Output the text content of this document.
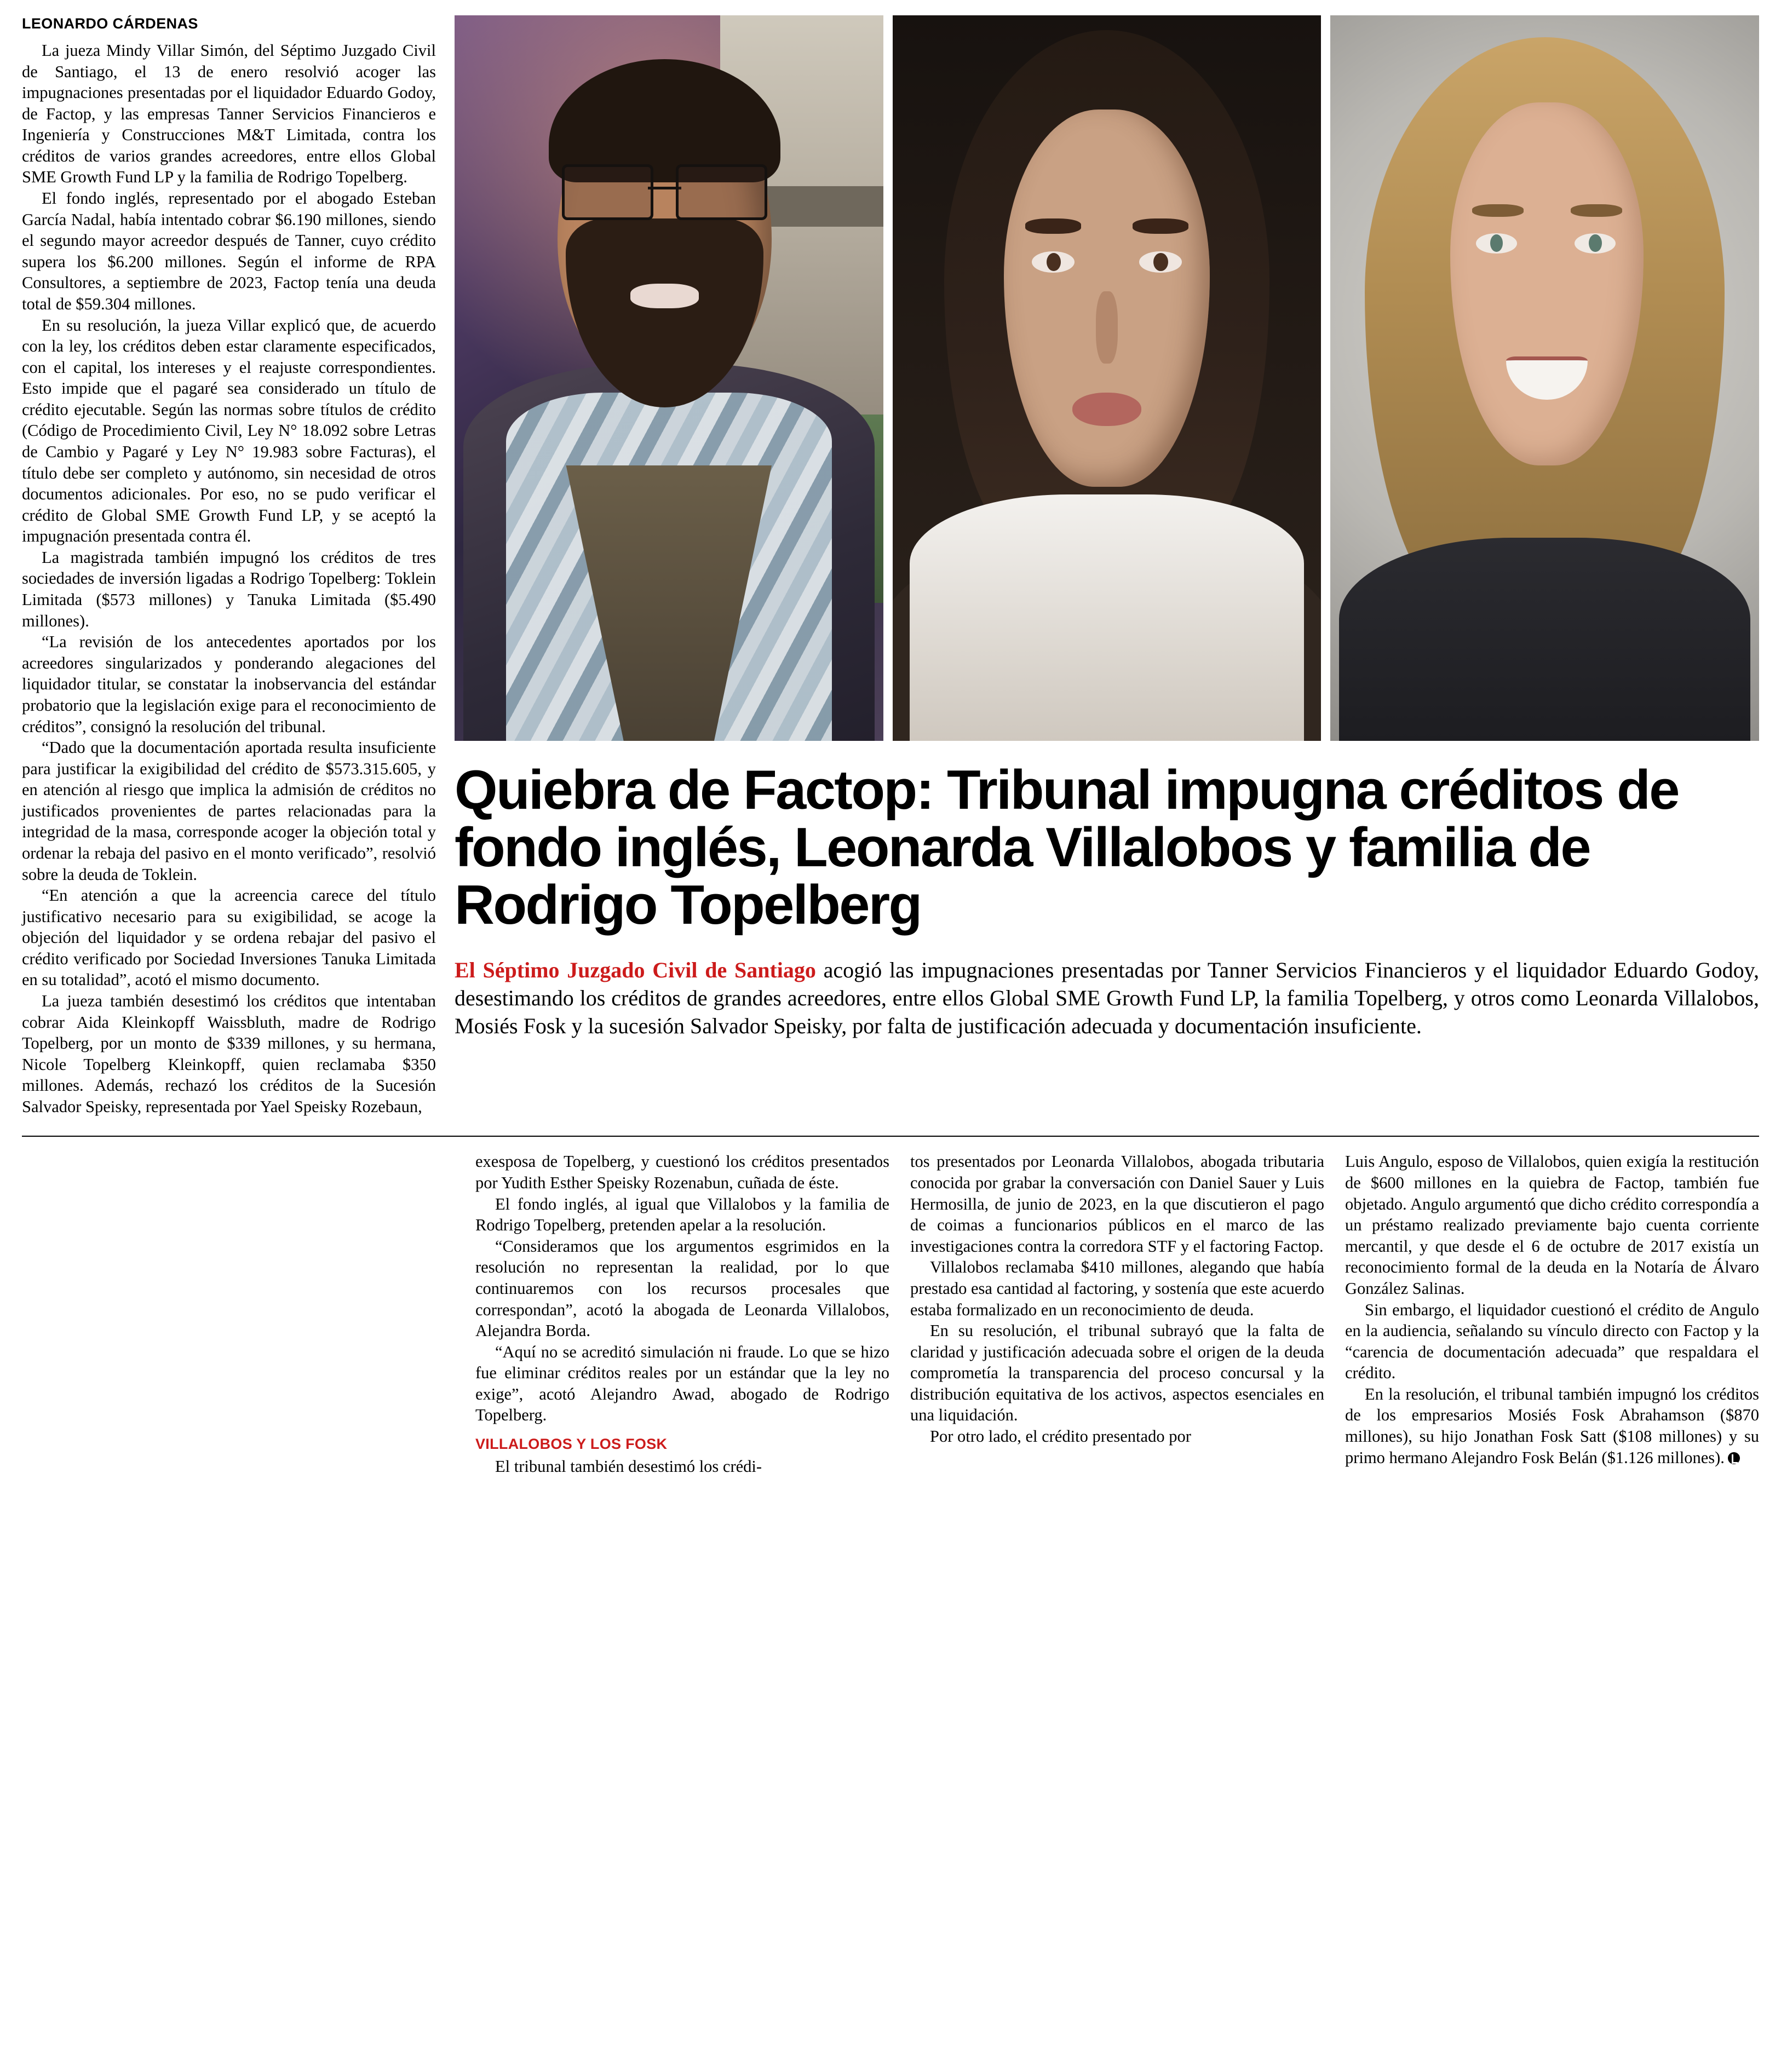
LEONARDO CÁRDENAS

La jueza Mindy Villar Simón, del Séptimo Juzgado Civil de Santiago, el 13 de enero resolvió acoger las impugnaciones presentadas por el liquidador Eduardo Godoy, de Factop, y las empresas Tanner Servicios Financieros e Ingeniería y Construcciones M&T Limitada, contra los créditos de varios grandes acreedores, entre ellos Global SME Growth Fund LP y la familia de Rodrigo Topelberg.

El fondo inglés, representado por el abogado Esteban García Nadal, había intentado cobrar $6.190 millones, siendo el segundo mayor acreedor después de Tanner, cuyo crédito supera los $6.200 millones. Según el informe de RPA Consultores, a septiembre de 2023, Factop tenía una deuda total de $59.304 millones.

En su resolución, la jueza Villar explicó que, de acuerdo con la ley, los créditos deben estar claramente especificados, con el capital, los intereses y el reajuste correspondientes. Esto impide que el pagaré sea considerado un título de crédito ejecutable. Según las normas sobre títulos de crédito (Código de Procedimiento Civil, Ley N° 18.092 sobre Letras de Cambio y Pagaré y Ley N° 19.983 sobre Facturas), el título debe ser completo y autónomo, sin necesidad de otros documentos adicionales. Por eso, no se pudo verificar el crédito de Global SME Growth Fund LP, y se aceptó la impugnación presentada contra él.

La magistrada también impugnó los créditos de tres sociedades de inversión ligadas a Rodrigo Topelberg: Toklein Limitada ($573 millones) y Tanuka Limitada ($5.490 millones).

“La revisión de los antecedentes aportados por los acreedores singularizados y ponderando alegaciones del liquidador titular, se constatar la inobservancia del estándar probatorio que la legislación exige para el reconocimiento de créditos”, consignó la resolución del tribunal.

“Dado que la documentación aportada resulta insuficiente para justificar la exigibilidad del crédito de $573.315.605, y en atención al riesgo que implica la admisión de créditos no justificados provenientes de partes relacionadas para la integridad de la masa, corresponde acoger la objeción total y ordenar la rebaja del pasivo en el monto verificado”, resolvió sobre la deuda de Toklein.

“En atención a que la acreencia carece del título justificativo necesario para su exigibilidad, se acoge la objeción del liquidador y se ordena rebajar del pasivo el crédito verificado por Sociedad Inversiones Tanuka Limitada en su totalidad”, acotó el mismo documento.

La jueza también desestimó los créditos que intentaban cobrar Aida Kleinkopff Waissbluth, madre de Rodrigo Topelberg, por un monto de $339 millones, y su hermana, Nicole Topelberg Kleinkopff, quien reclamaba $350 millones. Además, rechazó los créditos de la Sucesión Salvador Speisky, representada por Yael Speisky Rozebaun,

Quiebra de Factop: Tribunal impugna créditos de fondo inglés, Leonarda Villalobos y familia de Rodrigo Topelberg

El Séptimo Juzgado Civil de Santiago acogió las impugnaciones presentadas por Tanner Servicios Financieros y el liquidador Eduardo Godoy, desestimando los créditos de grandes acreedores, entre ellos Global SME Growth Fund LP, la familia Topelberg, y otros como Leonarda Villalobos, Mosiés Fosk y la sucesión Salvador Speisky, por falta de justificación adecuada y documentación insuficiente.

exesposa de Topelberg, y cuestionó los créditos presentados por Yudith Esther Speisky Rozenabun, cuñada de éste.

El fondo inglés, al igual que Villalobos y la familia de Rodrigo Topelberg, pretenden apelar a la resolución.

“Consideramos que los argumentos esgrimidos en la resolución no representan la realidad, por lo que continuaremos con los recursos procesales que correspondan”, acotó la abogada de Leonarda Villalobos, Alejandra Borda.

“Aquí no se acreditó simulación ni fraude. Lo que se hizo fue eliminar créditos reales por un estándar que la ley no exige”, acotó Alejandro Awad, abogado de Rodrigo Topelberg.

VILLALOBOS Y LOS FOSK

El tribunal también desestimó los crédi-

tos presentados por Leonarda Villalobos, abogada tributaria conocida por grabar la conversación con Daniel Sauer y Luis Hermosilla, de junio de 2023, en la que discutieron el pago de coimas a funcionarios públicos en el marco de las investigaciones contra la corredora STF y el factoring Factop.

Villalobos reclamaba $410 millones, alegando que había prestado esa cantidad al factoring, y sostenía que este acuerdo estaba formalizado en un reconocimiento de deuda.

En su resolución, el tribunal subrayó que la falta de claridad y justificación adecuada sobre el origen de la deuda comprometía la transparencia del proceso concursal y la distribución equitativa de los activos, aspectos esenciales en una liquidación.

Por otro lado, el crédito presentado por

Luis Angulo, esposo de Villalobos, quien exigía la restitución de $600 millones en la quiebra de Factop, también fue objetado. Angulo argumentó que dicho crédito correspondía a un préstamo realizado previamente bajo cuenta corriente mercantil, y que desde el 6 de octubre de 2017 existía un reconocimiento formal de la deuda en la Notaría de Álvaro González Salinas.

Sin embargo, el liquidador cuestionó el crédito de Angulo en la audiencia, señalando su vínculo directo con Factop y la “carencia de documentación adecuada” que respaldara el crédito.

En la resolución, el tribunal también impugnó los créditos de los empresarios Mosiés Fosk Abrahamson ($870 millones), su hijo Jonathan Fosk Satt ($108 millones) y su primo hermano Alejandro Fosk Belán ($1.126 millones).
